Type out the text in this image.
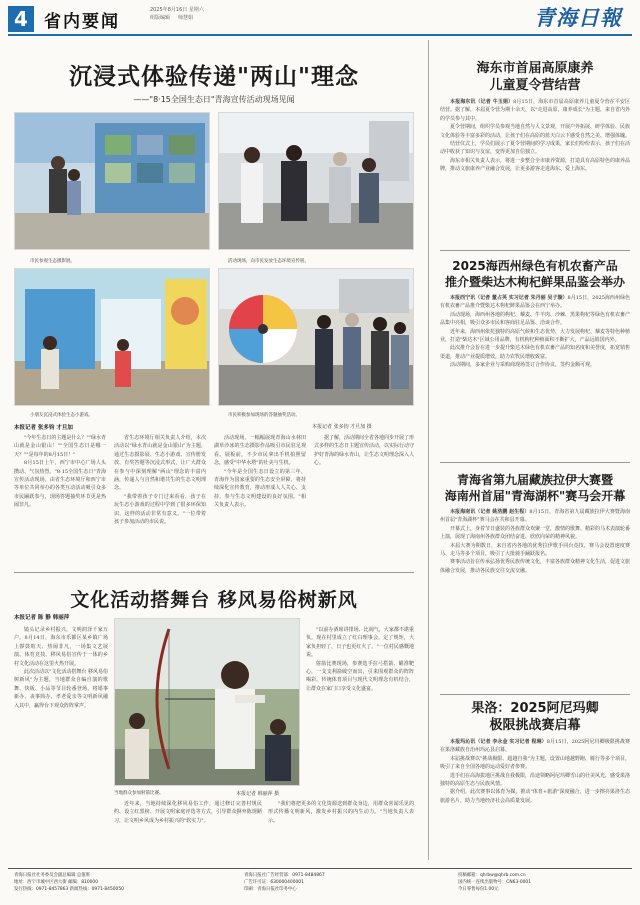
4 省内要闻
2025年8月16日 星期六
组版编辑 师慧娟	青海日報
沉浸式体验传递"两山"理念
——"8·15全国生态日"青海宣传活动现场见闻
市民参观生态摄影展。	活动现场，向市民发放生态环境宣传册。
小朋友沉浸式体验生态小游戏。	市民积极参加现场的答题抽奖活动。
本报记者 张多钧 才旦加 摄
本报记者 张多钧 才旦加

"今年生态日的主题是什么？""绿水青山就是金山银山！""全国生态日是哪一天？""是每年的8月15日！"

8月15日上午，西宁市中心广场人头攒动、气氛热烈。"8·15全国生态日"青海宣传活动现场，由省生态环境厅和西宁市等单位共同举办的各类互动活动吸引众多市民踊跃参与，现场答题抽奖环节更是热闹非凡。

省生态环境厅相关负责人介绍，本次活动以"绿水青山就是金山银山"为主题，通过生态摄影展、生态小游戏、宣传册发放、有奖答题等沉浸式形式，让广大群众在参与中深刻理解"两山"理念的丰富内涵，传递人与自然和谐共生的生态文明理念。

"我带着孩子专门过来看看，孩子在玩生态小游戏的过程中学到了很多环保知识，这样的活动非常有意义。"一位带着孩子参加活动的市民说。

活动现场，一幅幅展现青海山水林田湖草沙冰的生态摄影作品吸引市民驻足观看。展板前，不少市民拿出手机拍照留念，感受"中华水塔"的壮美与生机。

"今年是全国生态日设立的第三年，青海作为国家重要的生态安全屏障，将持续深化宣传教育，推动形成人人关心、支持、参与生态文明建设的良好氛围。"相关负责人表示。

据了解，活动期间全省各地同步开展了形式多样的生态日主题宣传活动，以实际行动守护好青海的绿水青山，让生态文明理念深入人心。

文化活动搭舞台 移风易俗树新风
本报记者 陈 静 韩丽萍

镜头记录乡村振兴，文明润泽千家万户。8月14日，海东市乐都区某乡镇广场上锣鼓喧天、热闹非凡，一场集文艺展演、体育竞技、移风易俗宣传于一体的乡村文化活动在这里火热开展。

此次活动以"文化活动搭舞台 移风易俗树新风"为主题，当地群众自编自演的歌舞、快板、小品等节目轮番登场，将婚事新办、丧事简办、孝老爱亲等文明新风融入其中，赢得台下观众阵阵掌声。

当地群众参加射箭比赛。	本报记者 韩丽萍 摄

"以前办酒席讲排场、比阔气，大家都不堪重负。现在村里成立了红白理事会，定了规矩，大家负担轻了，日子也更红火了。"一位村民感慨地说。

射箭比赛现场，参赛选手拉弓搭箭、瞄准靶心，一支支利箭破空而出，引来围观群众的阵阵喝彩。传统体育项目与现代文明理念有机结合，让群众在家门口享受文化盛宴。

近年来，当地持续深化移风易俗工作，通过修订完善村规民约、设立红黑榜、开展文明家庭评选等方式，引导群众摒弃陈规陋习，让文明乡风成为乡村振兴的"软实力"。

"我们将把更多的文化资源送到群众身边，用群众喜闻乐见的形式传播文明新风，激发乡村振兴的内生动力。"当地负责人表示。

海东市首届高原康养
儿童夏令营结营

本报海东讯（记者 牛玉娟）8月15日，海东市首届高原康养儿童夏令营在平安区结营。据了解，本届夏令营为期十余天，以"走进高原、康养成长"为主题，来自省内外的学员参与其中。

夏令营期间，组织学员参观当地自然与人文景观，开展户外拓展、研学体验、民族文化体验等丰富多彩的活动，让孩子们在高原的蓝天白云下感受自然之美、增强体魄。

结营仪式上，学员们展示了夏令营期间的学习成果，家长们纷纷表示，孩子们在活动中收获了知识与友谊，变得更加自信独立。

海东市相关负责人表示，将进一步整合全市康养资源，打造具有高原特色的康养品牌，推动文旅康养产业融合发展，让更多游客走进海东、爱上海东。

2025海西州绿色有机农畜产品
推介暨柴达木枸杞鲜果品鉴会举办

本报西宁讯（记者 董占英 实习记者 朱丹丽 吴子璇）8月15日，2025海西州绿色有机农畜产品推介暨柴达木枸杞鲜果品鉴会在西宁举办。

活动现场，海西州各地的枸杞、藜麦、牛羊肉、沙棘、黑果枸杞等绿色有机农畜产品集中亮相，吸引众多市民和客商驻足品鉴、洽谈合作。

近年来，海西州依托独特的高原气候和生态优势，大力发展枸杞、藜麦等特色种植业，打造"柴达木"区域公用品牌，有机枸杞种植面积不断扩大，产品远销国内外。

此次推介会旨在进一步提升柴达木绿色有机农畜产品的知名度和美誉度，拓宽销售渠道，推动产业提质增效，助力农牧民增收致富。

活动期间，多家企业与采购商现场签订合作协议，签约金额可观。

青海省第九届藏族拉伊大赛暨
海南州首届"青海湖杯"赛马会开幕

本报海南讯（记者 姚浩鹏 赵生程）8月15日，青海省第九届藏族拉伊大赛暨海南州首届"青海湖杯"赛马会在共和县开幕。

开幕式上，身着节日盛装的各族群众欢聚一堂，激情的歌舞、精彩的马术表演轮番上演，展现了海南州各族群众团结奋进、欣欣向荣的精神风貌。

本届大赛为期数日，来自省内各地的优秀拉伊歌手同台竞技，赛马会设置速度赛马、走马等多个项目，吸引了大批骑手踊跃报名。

赛事活动旨在传承弘扬优秀民族传统文化，丰富各族群众精神文化生活，促进文旅体融合发展，推动各民族交往交流交融。

果洛：2025阿尼玛卿
极限挑战赛启幕

本报玛沁讯（记者 李永金 实习记者 程琳）8月15日，2025阿尼玛卿极限挑战赛在果洛藏族自治州玛沁县启幕。

本届挑战赛以"挑战极限、超越自我"为主题，设置山地越野跑、骑行等多个项目，吸引了来自全国各地的运动爱好者参赛。

选手们在高海拔地区挑战自我极限，沿途领略阿尼玛卿雪山的壮美风光，感受果洛独特的高原生态与民族风情。

据介绍，此次赛事以体育为媒，推动"体育+旅游"深度融合，进一步擦亮果洛生态旅游名片，助力当地经济社会高质量发展。

青海日报社社务委员会副总编辑 总值班：
地址：西宁市城中区西大街 邮编：810000
发行热线：0971-8457863 新闻热线：0971-8450050
青海日报社广告经营部：0971-8484867
广告许可证：630000400001
印刷：青海日报社印务中心
投稿邮箱：qhrbw@qhrb.com.cn
国内统一连续出版物号：CN63-0001
今日零售每份1.00元
